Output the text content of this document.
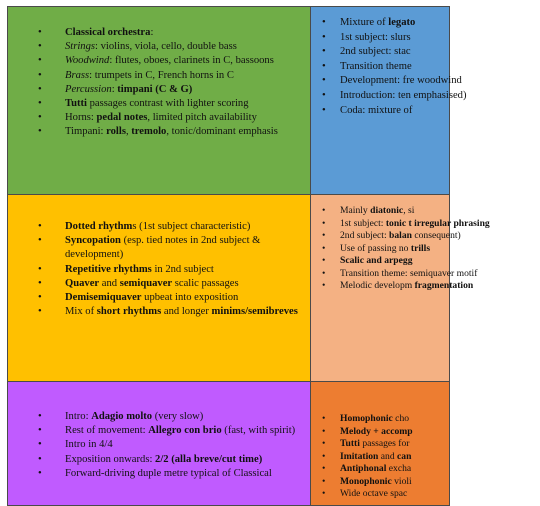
• Classical orchestra:
• Strings: violins, viola, cello, double bass
• Woodwind: flutes, oboes, clarinets in C, bassoons
• Brass: trumpets in C, French horns in C
• Percussion: timpani (C & G)
• Tutti passages contrast with lighter scoring
• Horns: pedal notes, limited pitch availability
• Timpani: rolls, tremolo, tonic/dominant emphasis
• Mixture of legato
• 1st subject: slurs
• 2nd subject: stac
• Transition theme
• Development: fre woodwind
• Introduction: ten emphasised)
• Coda: mixture of
• Dotted rhythms (1st subject characteristic)
• Syncopation (esp. tied notes in 2nd subject & development)
• Repetitive rhythms in 2nd subject
• Quaver and semiquaver scalic passages
• Demisemiquaver upbeat into exposition
• Mix of short rhythms and longer minims/semibreves
• Mainly diatonic, si
• 1st subject: tonic t irregular phrasing
• 2nd subject: balan consequent)
• Use of passing no trills
• Scalic and arpegg
• Transition theme: semiquaver motif
• Melodic developm fragmentation
• Intro: Adagio molto (very slow)
• Rest of movement: Allegro con brio (fast, with spirit)
• Intro in 4/4
• Exposition onwards: 2/2 (alla breve/cut time)
• Forward-driving duple metre typical of Classical
• Homophonic cho
• Melody + accomp
• Tutti passages for
• Imitation and can
• Antiphonal excha
• Monophonic violi
• Wide octave spac
